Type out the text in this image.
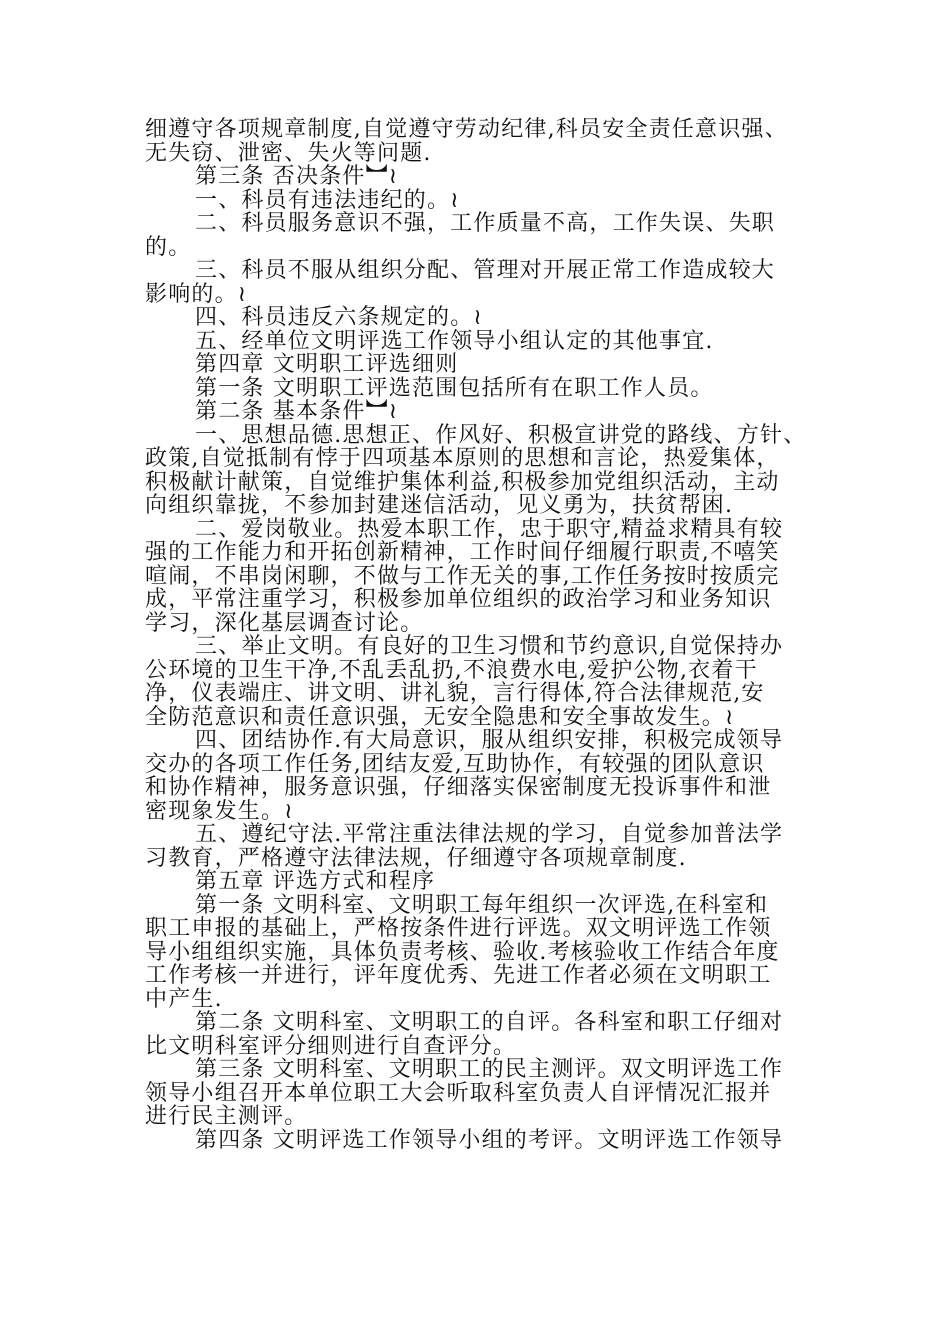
细遵守各项规章制度,自觉遵守劳动纪律,科员安全责任意识强、

无失窃、泄密、失火等问题.

第三条 否决条件︼≀

一、科员有违法违纪的。≀

二、科员服务意识不强，工作质量不高，工作失误、失职

的。

三、科员不服从组织分配、管理对开展正常工作造成较大

影响的。≀

四、科员违反六条规定的。≀

五、经单位文明评选工作领导小组认定的其他事宜.

第四章 文明职工评选细则

第一条 文明职工评选范围包括所有在职工作人员。

第二条 基本条件︼≀

一、思想品德.思想正、作风好、积极宣讲党的路线、方针、

政策,自觉抵制有悖于四项基本原则的思想和言论，热爱集体，

积极献计献策，自觉维护集体利益,积极参加党组织活动，主动

向组织靠拢，不参加封建迷信活动，见义勇为，扶贫帮困.

二、爱岗敬业。热爱本职工作，忠于职守,精益求精具有较

强的工作能力和开拓创新精神，工作时间仔细履行职责,不嘻笑

喧闹，不串岗闲聊，不做与工作无关的事,工作任务按时按质完

成，平常注重学习，积极参加单位组织的政治学习和业务知识

学习，深化基层调查讨论。

三、举止文明。有良好的卫生习惯和节约意识,自觉保持办

公环境的卫生干净,不乱丢乱扔,不浪费水电,爱护公物,衣着干

净，仪表端庄、讲文明、讲礼貌，言行得体,符合法律规范,安

全防范意识和责任意识强，无安全隐患和安全事故发生。≀

四、团结协作.有大局意识，服从组织安排，积极完成领导

交办的各项工作任务,团结友爱,互助协作，有较强的团队意识

和协作精神，服务意识强，仔细落实保密制度无投诉事件和泄

密现象发生。≀

五、遵纪守法.平常注重法律法规的学习，自觉参加普法学

习教育，严格遵守法律法规，仔细遵守各项规章制度.

第五章 评选方式和程序

第一条 文明科室、文明职工每年组织一次评选,在科室和

职工申报的基础上，严格按条件进行评选。双文明评选工作领

导小组组织实施，具体负责考核、验收.考核验收工作结合年度

工作考核一并进行，评年度优秀、先进工作者必须在文明职工

中产生.

第二条 文明科室、文明职工的自评。各科室和职工仔细对

比文明科室评分细则进行自查评分。

第三条 文明科室、文明职工的民主测评。双文明评选工作

领导小组召开本单位职工大会听取科室负责人自评情况汇报并

进行民主测评。

第四条 文明评选工作领导小组的考评。文明评选工作领导
